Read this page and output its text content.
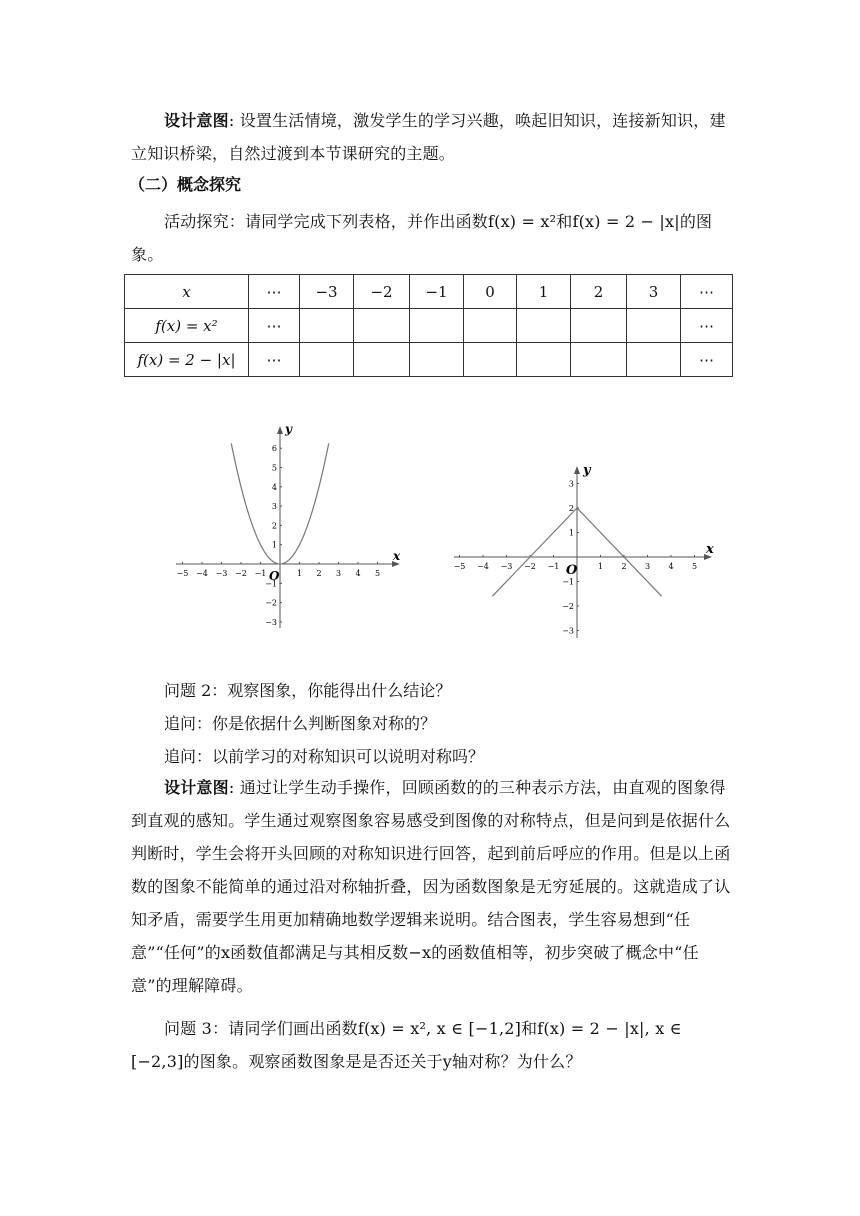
设计意图: 设置生活情境，激发学生的学习兴趣，唤起旧知识，连接新知识，建立知识桥梁，自然过渡到本节课研究的主题。
（二）概念探究
活动探究：请同学完成下列表格，并作出函数f(x) = x²和f(x) = 2 − |x|的图象。
x	⋯	−3	−2	−1	0	1	2	3	⋯
f(x) = x²	⋯								⋯
f(x) = 2 − |x|	⋯								⋯
−5 −4 −3 −2 −1	1 2 3 4 5
6
5
4
3
2
1
−1
−2
−3
x
y
O
−5 −4 −3 −2 −1	1 2 3 4 5
3
2
1
−1
−2
−3
x
y
O
问题 2：观察图象，你能得出什么结论？
追问：你是依据什么判断图象对称的？
追问：以前学习的对称知识可以说明对称吗？
设计意图: 通过让学生动手操作，回顾函数的的三种表示方法，由直观的图象得到直观的感知。学生通过观察图象容易感受到图像的对称特点，但是问到是依据什么判断时，学生会将开头回顾的对称知识进行回答，起到前后呼应的作用。但是以上函数的图象不能简单的通过沿对称轴折叠，因为函数图象是无穷延展的。这就造成了认知矛盾，需要学生用更加精确地数学逻辑来说明。结合图表，学生容易想到“任意”“任何”的x函数值都满足与其相反数−x的函数值相等，初步突破了概念中“任意”的理解障碍。
问题 3：请同学们画出函数f(x) = x², x ∈ [−1,2]和f(x) = 2 − |x|, x ∈ [−2,3]的图象。观察函数图象是是否还关于y轴对称？为什么？
